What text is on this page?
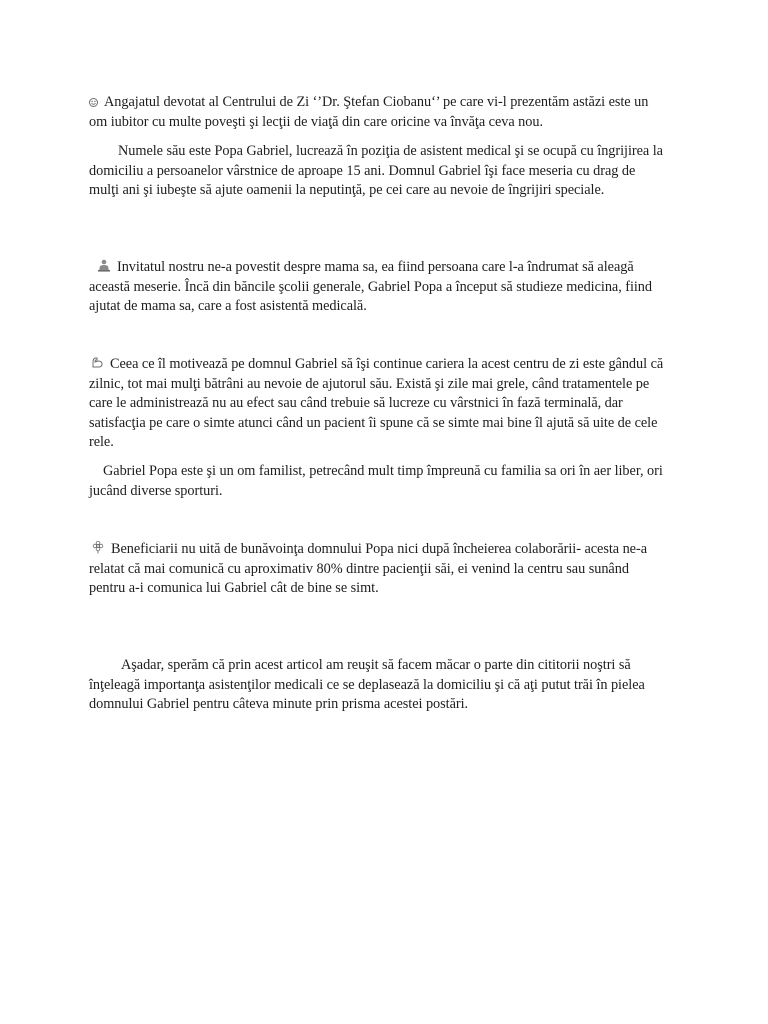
Angajatul devotat al Centrului de Zi ‘’Dr. Ştefan Ciobanu‘’ pe care vi-l prezentăm astăzi este un om iubitor cu multe poveşti şi lecţii de viaţă din care oricine va învăţa ceva nou.

Numele său este Popa Gabriel, lucrează în poziţia de asistent medical şi se ocupă cu îngrijirea la domiciliu a persoanelor vârstnice de aproape 15 ani. Domnul Gabriel îşi face meseria cu drag de mulţi ani şi iubeşte să ajute oamenii la neputinţă, pe cei care au nevoie de îngrijiri speciale.

Invitatul nostru ne-a povestit despre mama sa, ea fiind persoana care l-a îndrumat să aleagă această meserie. Încă din băncile şcolii generale, Gabriel Popa a început să studieze medicina, fiind ajutat de mama sa, care a fost asistentă medicală.

Ceea ce îl motivează pe domnul Gabriel să îşi continue cariera la acest centru de zi este gândul că zilnic, tot mai mulţi bătrâni au nevoie de ajutorul său. Există şi zile mai grele, când tratamentele pe care le administrează nu au efect sau când trebuie să lucreze cu vârstnici în fază terminală, dar satisfacţia pe care o simte atunci când un pacient îi spune că se simte mai bine îl ajută să uite de cele rele.

Gabriel Popa este şi un om familist, petrecând mult timp împreună cu familia sa ori în aer liber, ori jucând diverse sporturi.

Beneficiarii nu uită de bunăvoinţa domnului Popa nici după încheierea colaborării- acesta ne-a relatat că mai comunică cu aproximativ 80% dintre pacienţii săi, ei venind la centru sau sunând pentru a-i comunica lui Gabriel cât de bine se simt.

Aşadar, sperăm că prin acest articol am reuşit să facem măcar o parte din cititorii noştri să înţeleagă importanţa asistenţilor medicali ce se deplasează la domiciliu şi că aţi putut trăi în pielea domnului Gabriel pentru câteva minute prin prisma acestei postări.
